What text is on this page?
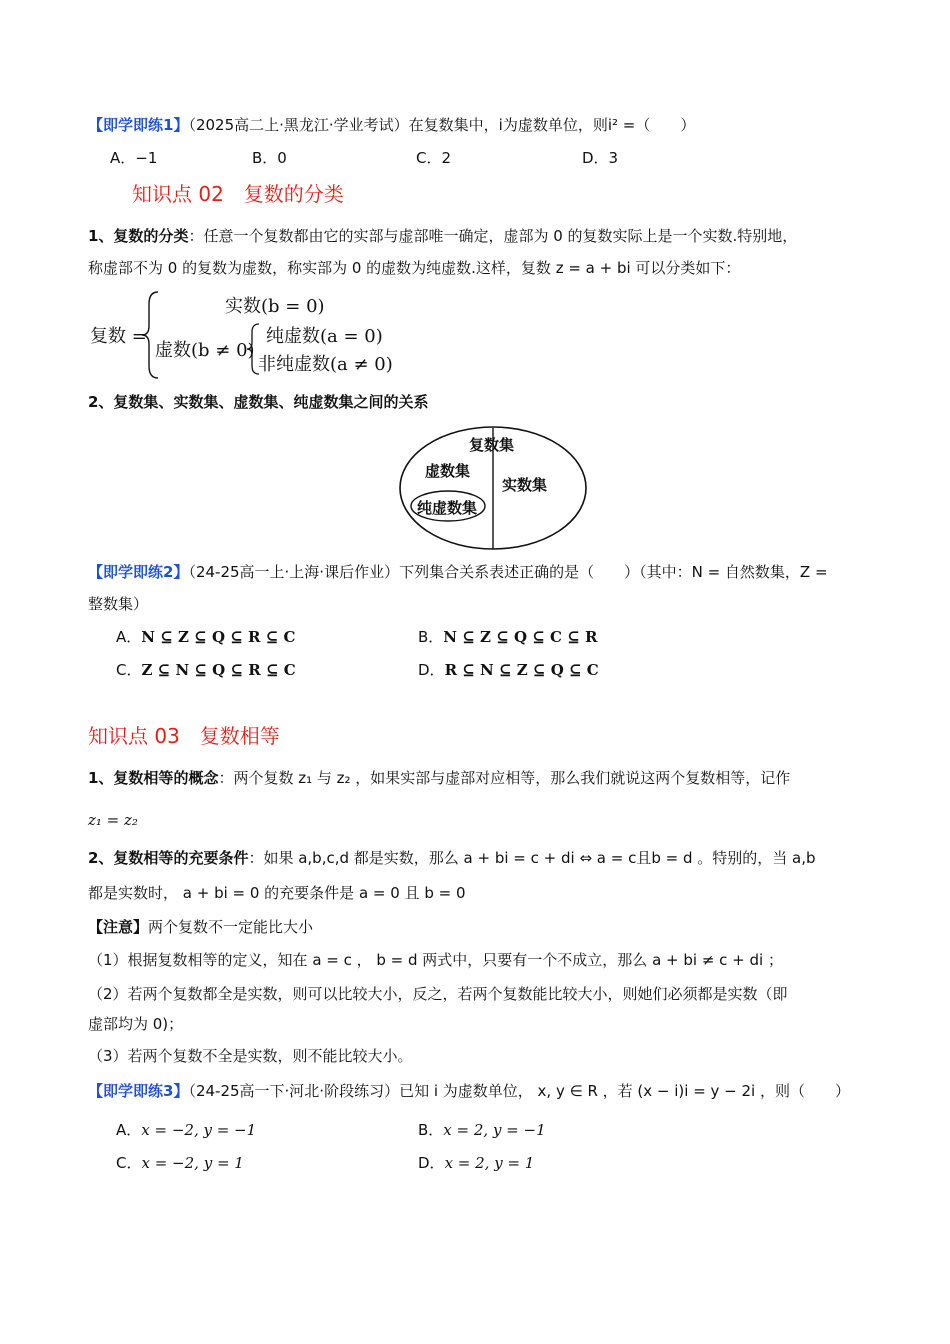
【即学即练1】（2025高二上·黑龙江·学业考试）在复数集中，i为虚数单位，则i² =（　　）
A．−1	B．0	C．2	D．3
知识点 02　复数的分类
1、复数的分类：任意一个复数都由它的实部与虚部唯一确定，虚部为 0 的复数实际上是一个实数.特别地，
称虚部不为 0 的复数为虚数，称实部为 0 的虚数为纯虚数.这样，复数 z = a + bi 可以分类如下：
复数 =
实数(b = 0)
虚数(b ≠ 0)
纯虚数(a = 0)
非纯虚数(a ≠ 0)
2、复数集、实数集、虚数集、纯虚数集之间的关系
复数集
虚数集
实数集
纯虚数集
【即学即练2】（24-25高一上·上海·课后作业）下列集合关系表述正确的是（　　）（其中：N = 自然数集，Z =
整数集）
A．N ⊆ Z ⊆ Q ⊆ R ⊆ C	B．N ⊆ Z ⊆ Q ⊆ C ⊆ R
C．Z ⊆ N ⊆ Q ⊆ R ⊆ C	D．R ⊆ N ⊆ Z ⊆ Q ⊆ C
知识点 03　复数相等
1、复数相等的概念：两个复数 z₁ 与 z₂ ，如果实部与虚部对应相等，那么我们就说这两个复数相等，记作
z₁ = z₂
2、复数相等的充要条件：如果 a,b,c,d 都是实数，那么 a + bi = c + di ⇔ a = c且b = d 。特别的，当 a,b
都是实数时， a + bi = 0 的充要条件是 a = 0 且 b = 0
【注意】两个复数不一定能比大小
（1）根据复数相等的定义，知在 a = c ， b = d 两式中，只要有一个不成立，那么 a + bi ≠ c + di ；
（2）若两个复数都全是实数，则可以比较大小，反之，若两个复数能比较大小，则她们必须都是实数（即
虚部均为 0)；
（3）若两个复数不全是实数，则不能比较大小。
【即学即练3】（24-25高一下·河北·阶段练习）已知 i 为虚数单位， x, y ∈ R ，若 (x − i)i = y − 2i ，则（　　）
A．x = −2, y = −1	B．x = 2, y = −1
C．x = −2, y = 1	D．x = 2, y = 1
